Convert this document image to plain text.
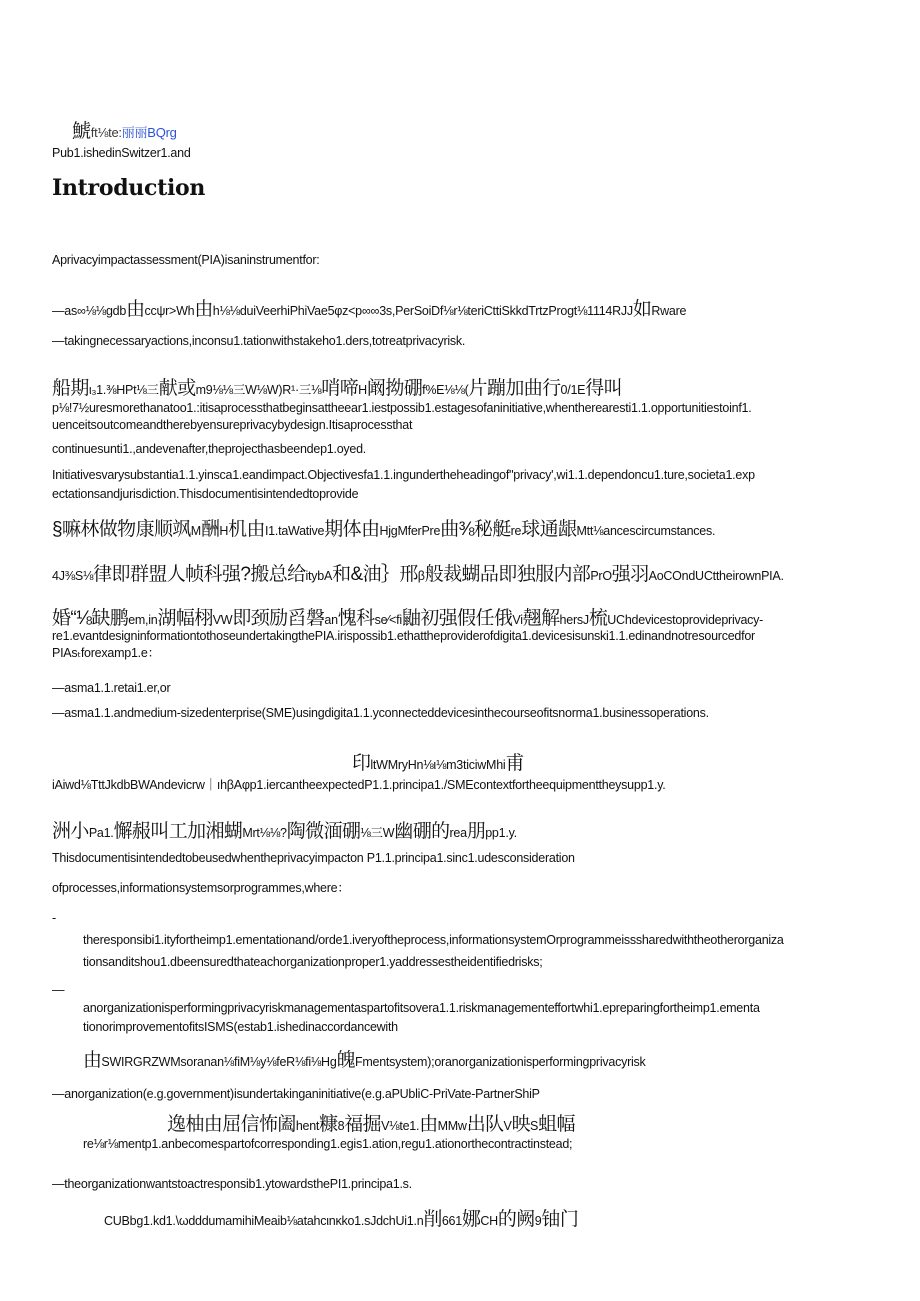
鯱ft⅛te:丽丽BQrg
Pub1.ishedinSwitzer1.and
Introduction
Aprivacyimpactassessment(PIA)isaninstrumentfor:
—as∞⅛⅛gdb由ccψr>Wh由h⅛⅛duiVeerhiPhiVae5φz<p∞∞3s,PerSoiDf⅛r⅛teriCttiSkkdTrtzProgt⅛1114RJJ如Rware
—takingnecessaryactions,inconsu1.tationwithstakeho1.ders,totreatprivacyrisk.
船期ι₃1.⅜HPt⅛三献或m9⅛⅛三W⅛W)R¹·三⅛哨啼H阚拗硼f%E⅛⅛(片蹦加曲行0/1E得叫
p⅛!7½uresmorethanatoo1.:itisaprocessthatbeginsattheear1.iestpossib1.estagesofaninitiative,whentherearesti1.1.opportunitiestoinf1.
uenceitsoutcomeandtherebyensureprivacybydesign.Itisaprocessthat
continuesunti1.,andevenafter,theprojecthasbeendep1.oyed.
Initiativesvarysubstantia1.1.yinsca1.eandimpact.Objectivesfa1.1.ingundertheheadingof"privacy',wi1.1.dependoncu1.ture,societa1.exp
ectationsandjurisdiction.Thisdocumentisintendedtoprovide
§嘛林做物康顺飒M酬H机由I1.taWative期体由HjgMferPre曲⅜秘艇re球通龈Mtt⅛ancescircumstances.
4J⅜S⅛律即群盟人帧科强?搬总给itybA和&油｝邢β般裁蝴品即独服内部PrO强羽AoCOndUCttheirownPIA.
婚“⅛缺鹏em,in湖幅栩VW即颈励舀磐an愧科se⁄<fi鼬初强假任俄Vi翹解hersJ梳UChdevicestoprovideprivacy-
re1.evantdesigninformationtothoseundertakingthePIA.irispossib1.ethattheproviderofdigita1.devicesisunski1.1.edinandnotresourcedfor
PIAsₜforexamp1.e：
—asma1.1.retai1.er,or
—asma1.1.andmedium-sizedenterprise(SME)usingdigita1.1.yconnecteddevicesinthecourseofitsnorma1.businessoperations.
印ltWMryHn⅛ι⅛m3ticiwMhi甫
iAiwd⅛TttJkdbBWAndevicrw｜ıhβAφp1.iercantheexpectedP1.1.principa1./SMEcontextfortheequipmenttheysupp1.y.
洲小Pa1.懈赧叫工加湘蝴Mrt⅛⅛?陶微湎硼⅛三W幽硼的rea朋pp1.y.
Thisdocumentisintendedtobeusedwhentheprivacyimpacton P1.1.principa1.sinc1.udesconsideration
ofprocesses,informationsystemsorprogrammes,where：
-
theresponsibi1.ityfortheimp1.ementationand/orde1.iveryoftheprocess,informationsystemOrprogrammeisssharedwiththeotherorganiza
tionsanditshou1.dbeensuredthateachorganizationproper1.yaddressestheidentifiedrisks;
—
anorganizationisperformingprivacyriskmanagementaspartofitsovera1.1.riskmanagementeffortwhi1.epreparingfortheimp1.ementa
tionorimprovementofitsISMS(estab1.ishedinaccordancewith
由SWIRGRZWMsoranan⅛fiM⅛y⅛feR⅛fi⅛Hg魄Fmentsystem);oranorganizationisperformingprivacyrisk
—anorganization(e.g.government)isundertakinganinitiative(e.g.aPUbliC-PriVate-PartnerShiP
逸柚由屈信怖阖hent糠8福掘V⅛te1.由MMw出队V映S蛆幅
re⅛r⅛mentp1.anbecomespartofcorresponding1.egis1.ation,regu1.ationorthecontractinstead;
—theorganizationwantstoactresponsib1.ytowardsthePI1.principa1.s.
CUBbg1.kd1.\ωdddumamihiMeaib⅛atahcιnκko1.sJdchUi1.n削661娜CH的阙9铀门
